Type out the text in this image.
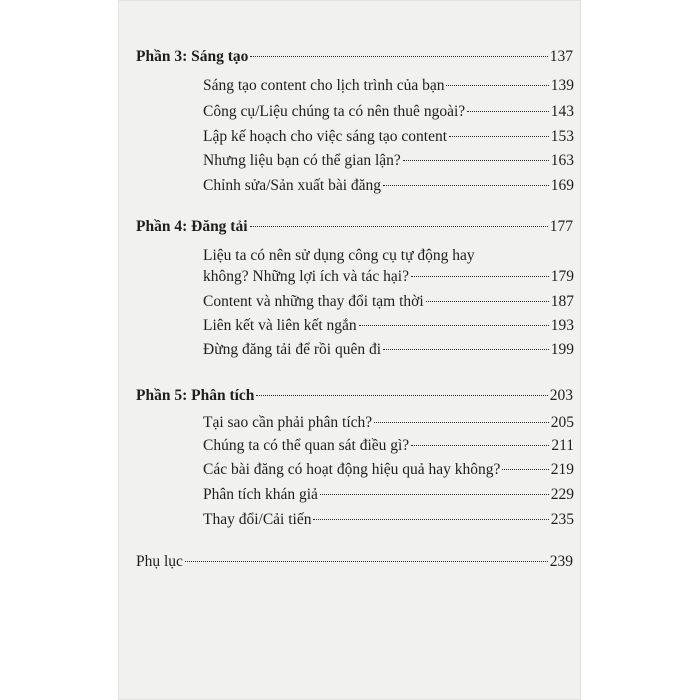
Phần 3: Sáng tạo	137
Sáng tạo content cho lịch trình của bạn	139
Công cụ/Liệu chúng ta có nên thuê ngoài?	143
Lập kế hoạch cho việc sáng tạo content	153
Nhưng liệu bạn có thể gian lận?	163
Chỉnh sửa/Sản xuất bài đăng	169
Phần 4: Đăng tải	177
Liệu ta có nên sử dụng công cụ tự động hay
không? Những lợi ích và tác hại?	179
Content và những thay đổi tạm thời	187
Liên kết và liên kết ngắn	193
Đừng đăng tải để rồi quên đi	199
Phần 5: Phân tích	203
Tại sao cần phải phân tích?	205
Chúng ta có thể quan sát điều gì?	211
Các bài đăng có hoạt động hiệu quả hay không?	219
Phân tích khán giả	229
Thay đổi/Cải tiến	235
Phụ lục	239
